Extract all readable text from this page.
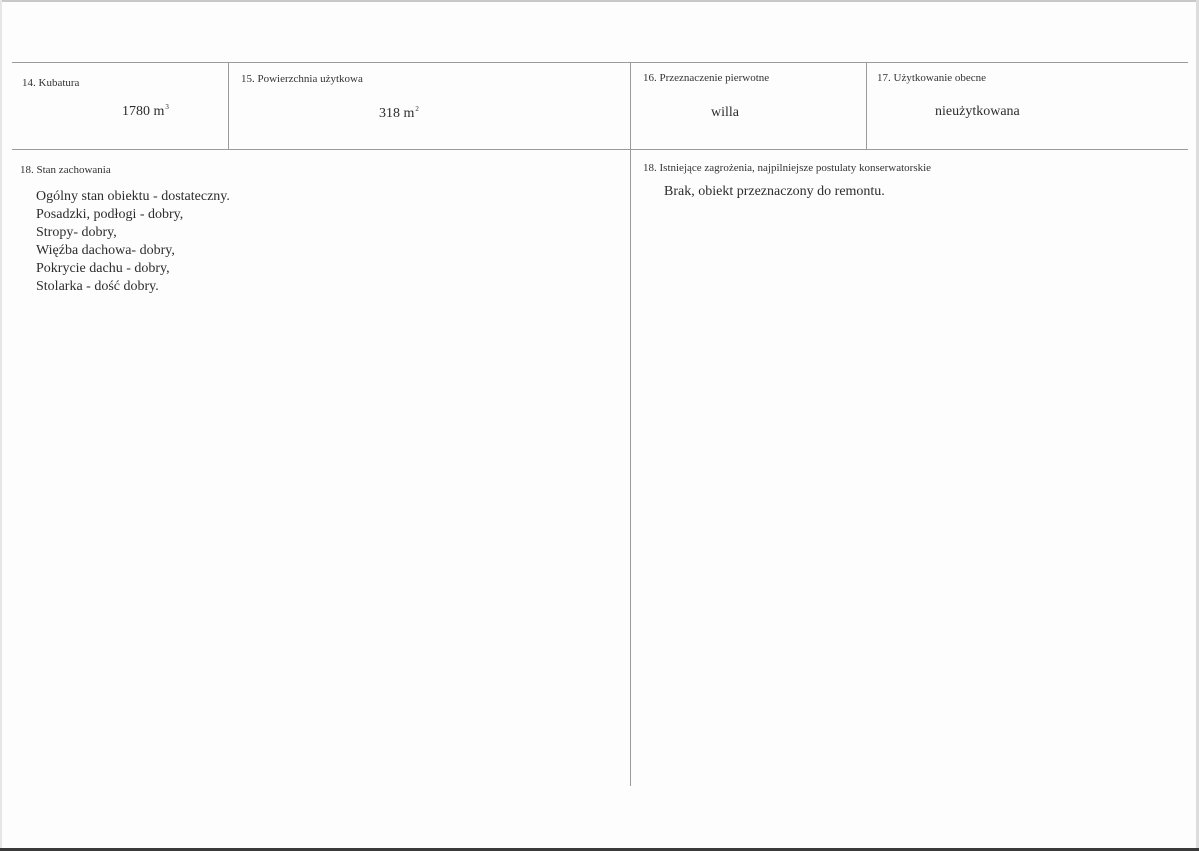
14. Kubatura
1780 $m^3$
15. Powierzchnia użytkowa
318 $m^2$
16. Przeznaczenie pierwotne
willa
17. Użytkowanie obecne
nieużytkowana
18. Stan zachowania
Ogólny stan obiektu - dostateczny.
Posadzki, podłogi - dobry,
Stropy- dobry,
Więźba dachowa- dobry,
Pokrycie dachu - dobry,
Stolarka - dość dobry.
18. Istniejące zagrożenia, najpilniejsze postulaty konserwatorskie
Brak, obiekt przeznaczony do remontu.
